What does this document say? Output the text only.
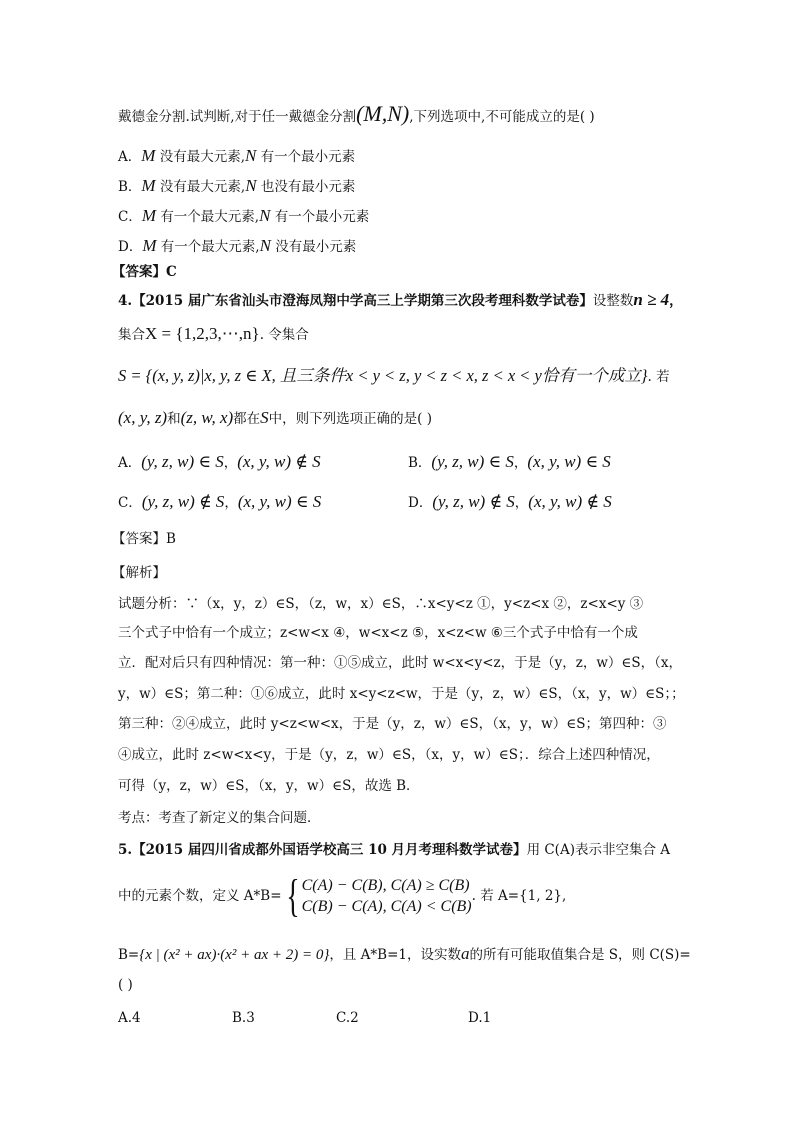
戴德金分割.试判断,对于任一戴德金分割(M,N),下列选项中,不可能成立的是( )
A．M 没有最大元素,N 有一个最小元素
B．M 没有最大元素,N 也没有最小元素
C．M 有一个最大元素,N 有一个最小元素
D．M 有一个最大元素,N 没有最小元素
【答案】C
4.【2015 届广东省汕头市澄海凤翔中学高三上学期第三次段考理科数学试卷】设整数n ≥ 4，
集合X = {1,2,3,⋯,n}. 令集合
S = {(x, y, z)|x, y, z ∈ X, 且三条件x < y < z, y < z < x, z < x < y恰有一个成立}. 若
(x, y, z)和(z, w, x)都在S中，则下列选项正确的是( )
A．(y, z, w) ∈ S，(x, y, w) ∉ S	B．(y, z, w) ∈ S，(x, y, w) ∈ S
C．(y, z, w) ∉ S，(x, y, w) ∈ S	D．(y, z, w) ∉ S，(x, y, w) ∉ S
【答案】B
【解析】
试题分析：∵（x，y，z）∈S，（z，w，x）∈S，∴x<y<z ①，y<z<x ②，z<x<y ③
三个式子中恰有一个成立；z<w<x ④，w<x<z ⑤，x<z<w ⑥三个式子中恰有一个成
立．配对后只有四种情况：第一种：①⑤成立，此时 w<x<y<z，于是（y，z，w）∈S，（x，
y，w）∈S；第二种：①⑥成立，此时 x<y<z<w，于是（y，z，w）∈S，（x，y，w）∈S；；
第三种：②④成立，此时 y<z<w<x，于是（y，z，w）∈S，（x，y，w）∈S；第四种：③
④成立，此时 z<w<x<y，于是（y，z，w）∈S，（x，y，w）∈S；．综合上述四种情况，
可得（y，z，w）∈S，（x，y，w）∈S，故选 B．
考点：考查了新定义的集合问题．
5.【2015 届四川省成都外国语学校高三 10 月月考理科数学试卷】用 C(A)表示非空集合 A
中的元素个数，定义 A*B= { C(A) − C(B), C(A) ≥ C(B)
C(B) − C(A), C(A) < C(B)
. 若 A={1, 2},
B={x | (x² + ax)·(x² + ax + 2) = 0}，且 A*B=1，设实数a的所有可能取值集合是 S，则 C(S)=
( )
A.4	B.3	C.2	D.1
